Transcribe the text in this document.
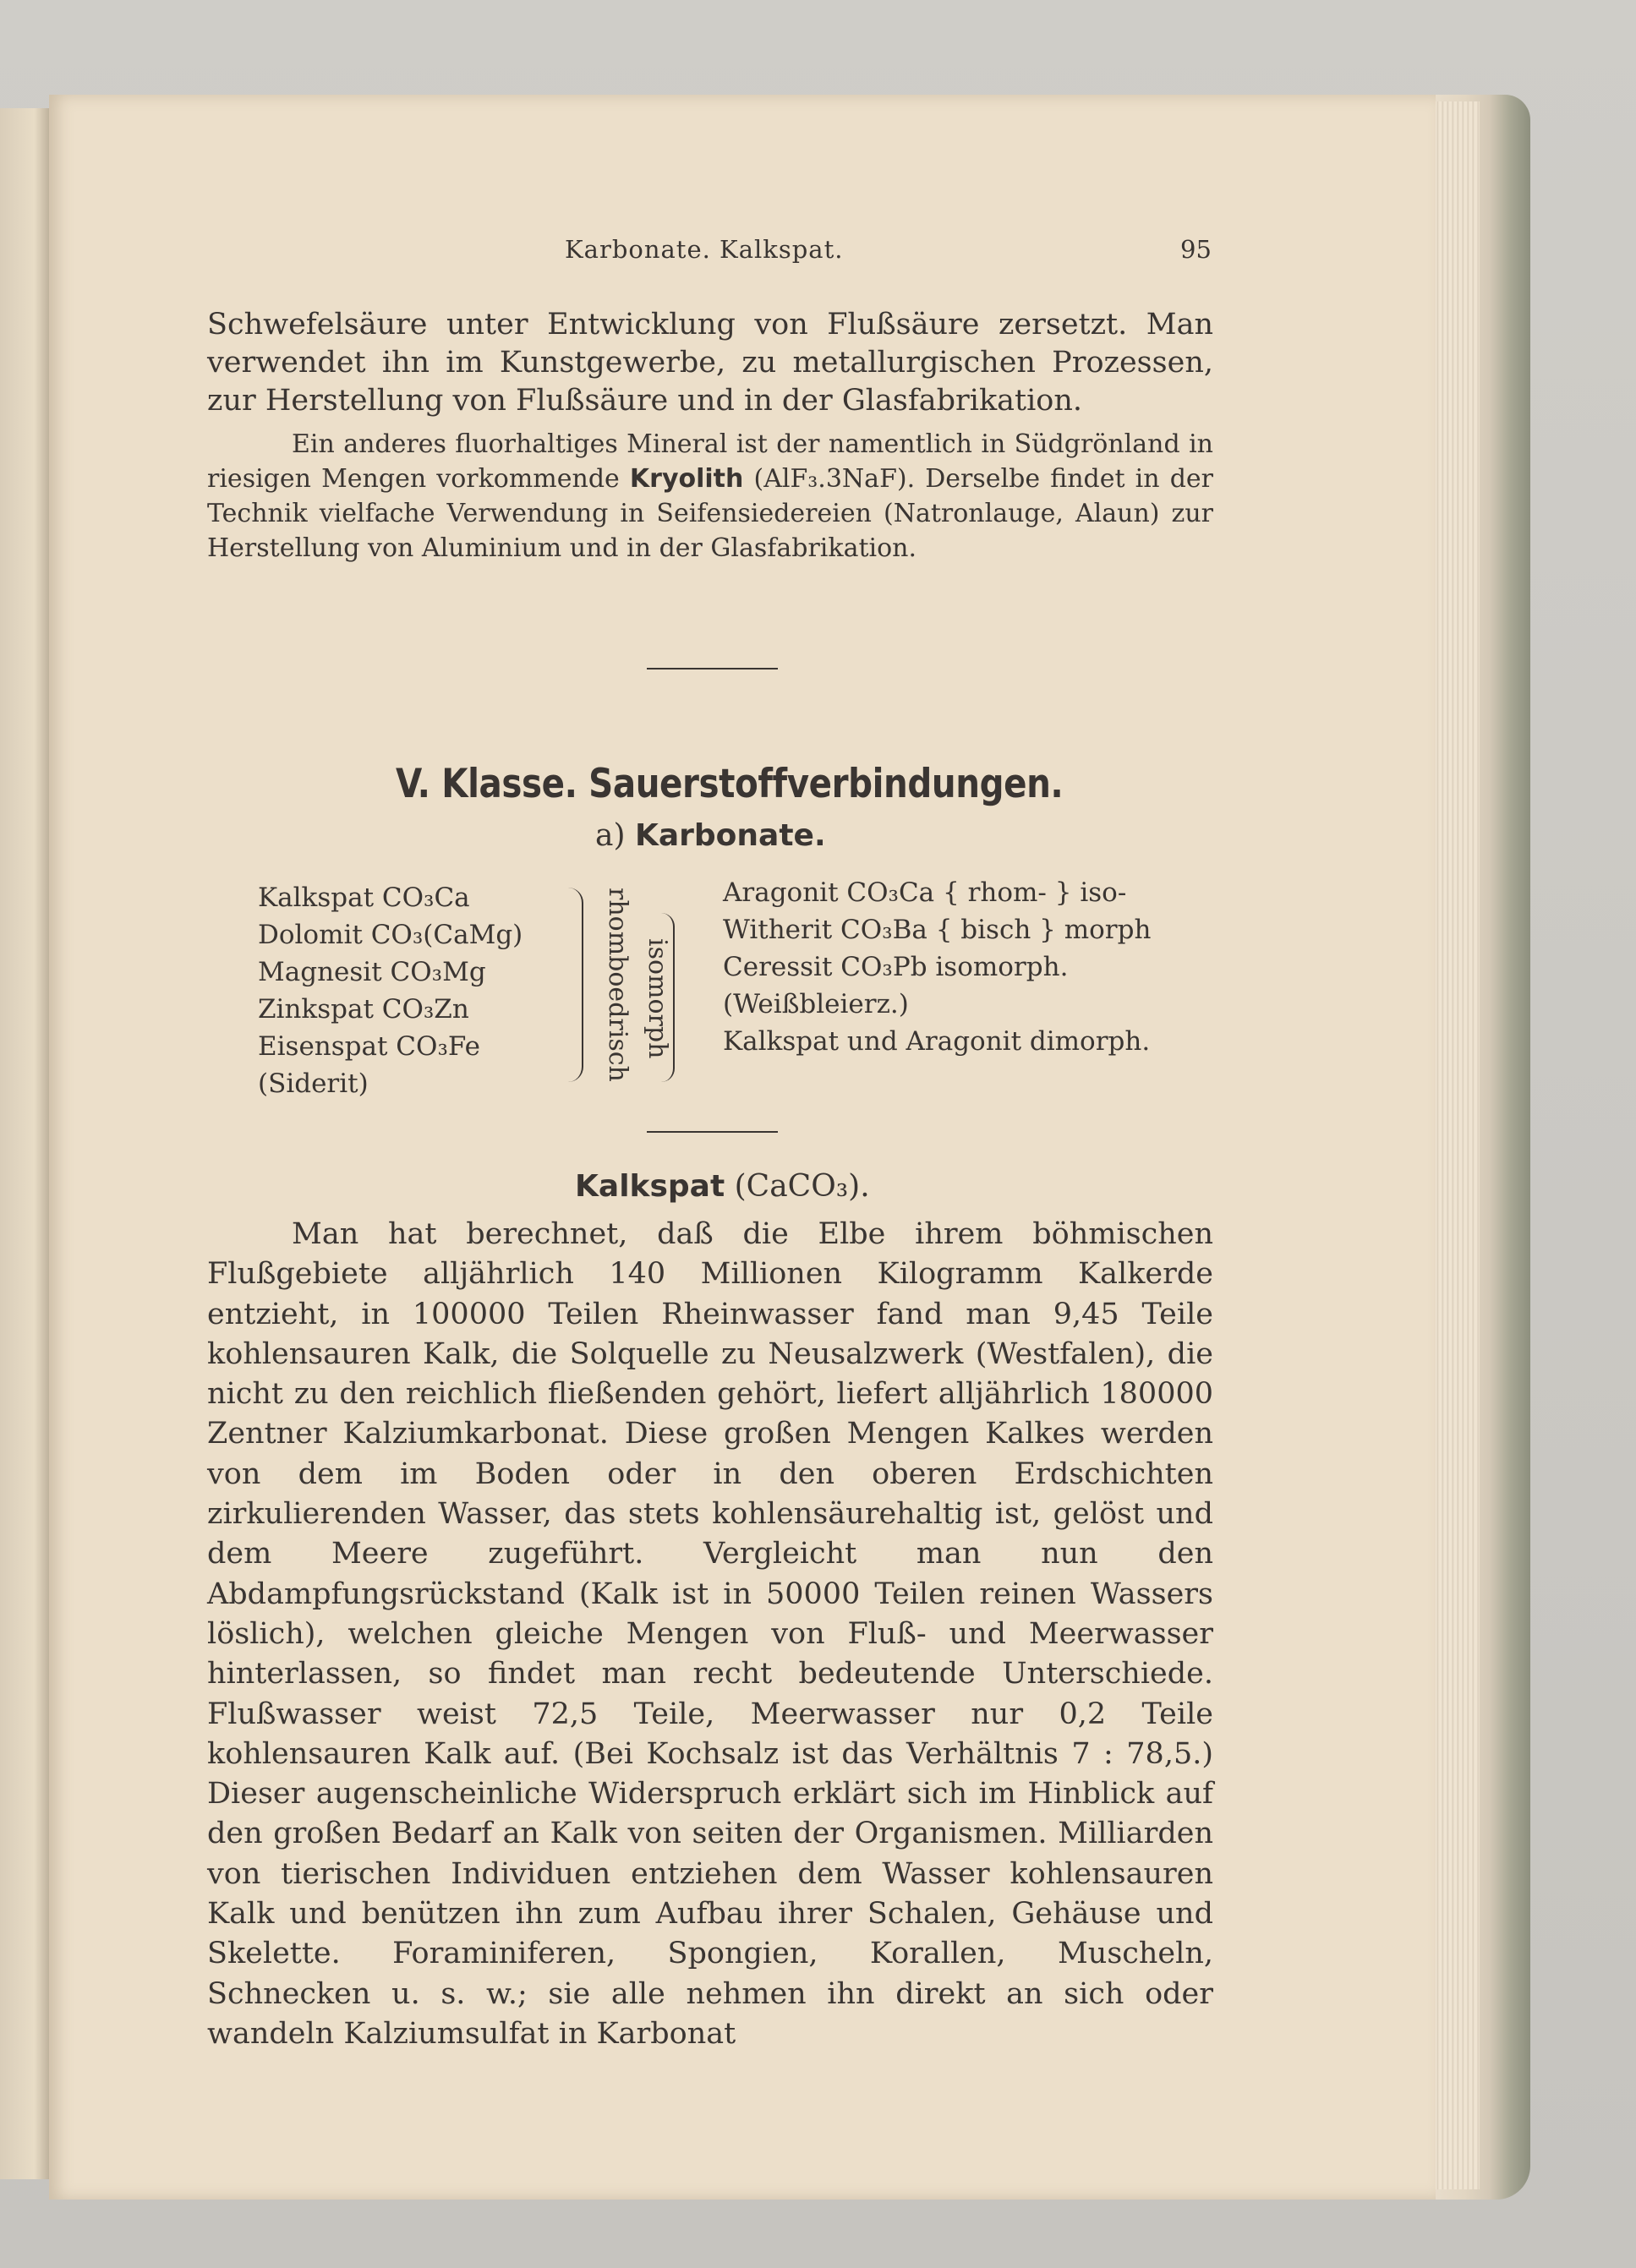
Karbonate. Kalkspat.	95

Schwefelsäure unter Entwicklung von Flußsäure zersetzt. Man verwendet ihn im Kunstgewerbe, zu metallurgischen Prozessen, zur Herstellung von Flußsäure und in der Glasfabrikation.

Ein anderes fluorhaltiges Mineral ist der namentlich in Südgrönland in riesigen Mengen vorkommende Kryolith (AlF₃.3NaF). Derselbe findet in der Technik vielfache Verwendung in Seifensiedereien (Natronlauge, Alaun) zur Herstellung von Aluminium und in der Glasfabrikation.

V. Klasse. Sauerstoffverbindungen.
a) Karbonate.
Kalkspat CO₃Ca
Dolomit CO₃(CaMg)
Magnesit CO₃Mg
Zinkspat CO₃Zn
Eisenspat CO₃Fe
(Siderit)
rhomboedrisch isomorph
Aragonit CO₃Ca { rhom- } iso-
Witherit CO₃Ba { bisch } morph
Ceressit CO₃Pb isomorph.
(Weißbleierz.)
Kalkspat und Aragonit dimorph.
Kalkspat (CaCO₃).

Man hat berechnet, daß die Elbe ihrem böhmischen Flußgebiete alljährlich 140 Millionen Kilogramm Kalkerde entzieht, in 100000 Teilen Rheinwasser fand man 9,45 Teile kohlensauren Kalk, die Solquelle zu Neusalzwerk (Westfalen), die nicht zu den reichlich fließenden gehört, liefert alljährlich 180000 Zentner Kalziumkarbonat. Diese großen Mengen Kalkes werden von dem im Boden oder in den oberen Erdschichten zirkulierenden Wasser, das stets kohlensäurehaltig ist, gelöst und dem Meere zugeführt. Vergleicht man nun den Abdampfungsrückstand (Kalk ist in 50000 Teilen reinen Wassers löslich), welchen gleiche Mengen von Fluß- und Meerwasser hinterlassen, so findet man recht bedeutende Unterschiede. Flußwasser weist 72,5 Teile, Meerwasser nur 0,2 Teile kohlensauren Kalk auf. (Bei Kochsalz ist das Verhältnis 7 : 78,5.) Dieser augenscheinliche Widerspruch erklärt sich im Hinblick auf den großen Bedarf an Kalk von seiten der Organismen. Milliarden von tierischen Individuen entziehen dem Wasser kohlensauren Kalk und benützen ihn zum Aufbau ihrer Schalen, Gehäuse und Skelette. Foraminiferen, Spongien, Korallen, Muscheln, Schnecken u. s. w.; sie alle nehmen ihn direkt an sich oder wandeln Kalziumsulfat in Karbonat
